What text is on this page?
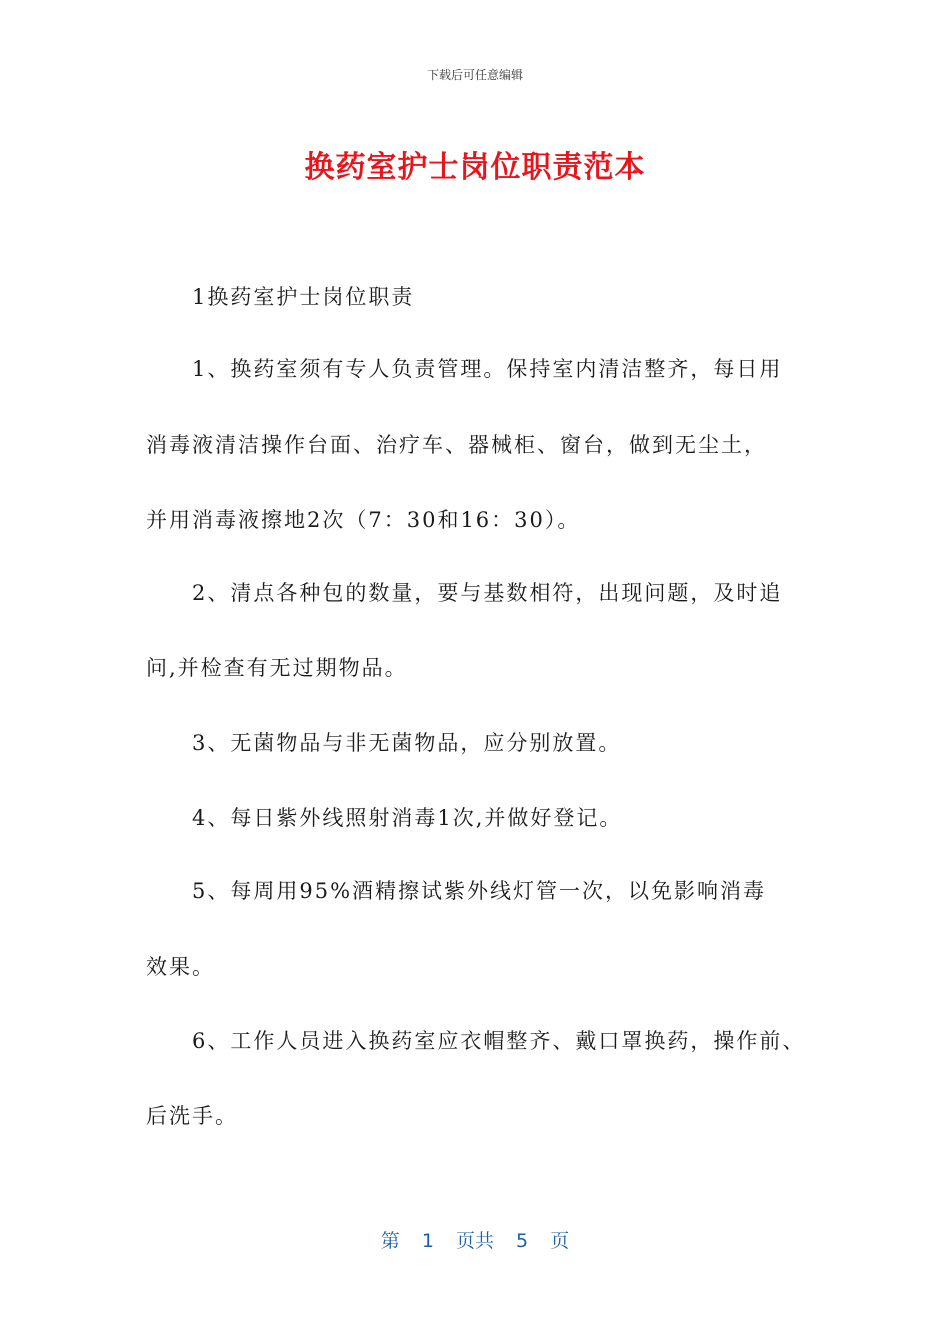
下载后可任意编辑
换药室护士岗位职责范本
1换药室护士岗位职责
1、换药室须有专人负责管理。保持室内清洁整齐，每日用
消毒液清洁操作台面、治疗车、器械柜、窗台，做到无尘土，
并用消毒液擦地2次（7：30和16：30）。
2、清点各种包的数量，要与基数相符，出现问题，及时追
问,并检查有无过期物品。
3、无菌物品与非无菌物品，应分别放置。
4、每日紫外线照射消毒1次,并做好登记。
5、每周用95%酒精擦试紫外线灯管一次，以免影响消毒
效果。
6、工作人员进入换药室应衣帽整齐、戴口罩换药，操作前、
后洗手。
第 1 页共 5 页
